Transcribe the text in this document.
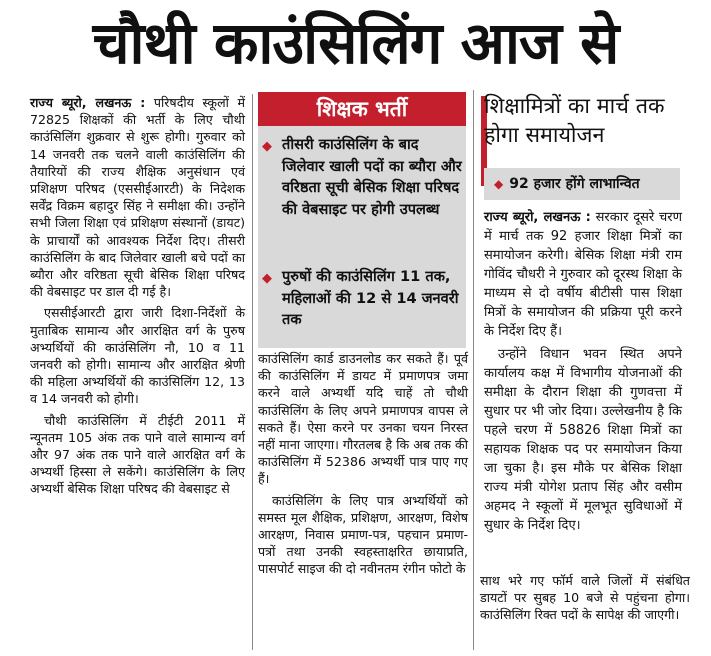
चौथी काउंसिलिंग आज से

राज्य ब्यूरो, लखनऊ : परिषदीय स्कूलों में 72825 शिक्षकों की भर्ती के लिए चौथी काउंसिलिंग शुक्रवार से शुरू होगी। गुरुवार को 14 जनवरी तक चलने वाली काउंसिलिंग की तैयारियों की राज्य शैक्षिक अनुसंधान एवं प्रशिक्षण परिषद (एससीईआरटी) के निदेशक सर्वेंद्र विक्रम बहादुर सिंह ने समीक्षा की। उन्होंने सभी जिला शिक्षा एवं प्रशिक्षण संस्थानों (डायट) के प्राचार्यों को आवश्यक निर्देश दिए। तीसरी काउंसिलिंग के बाद जिलेवार खाली बचे पदों का ब्यौरा और वरिष्ठता सूची बेसिक शिक्षा परिषद की वेबसाइट पर डाल दी गई है।

एससीईआरटी द्वारा जारी दिशा-निर्देशों के मुताबिक सामान्य और आरक्षित वर्ग के पुरुष अभ्यर्थियों की काउंसिलिंग नौ, 10 व 11 जनवरी को होगी। सामान्य और आरक्षित श्रेणी की महिला अभ्यर्थियों की काउंसिलिंग 12, 13 व 14 जनवरी को होगी।

चौथी काउंसिलिंग में टीईटी 2011 में न्यूनतम 105 अंक तक पाने वाले सामान्य वर्ग और 97 अंक तक पाने वाले आरक्षित वर्ग के अभ्यर्थी हिस्सा ले सकेंगे। काउंसिलिंग के लिए अभ्यर्थी बेसिक शिक्षा परिषद की वेबसाइट से

शिक्षक भर्ती
◆ तीसरी काउंसिलिंग के बाद जिलेवार खाली पदों का ब्यौरा और वरिष्ठता सूची बेसिक शिक्षा परिषद की वेबसाइट पर होगी उपलब्ध
◆ पुरुषों की काउंसिलिंग 11 तक, महिलाओं की 12 से 14 जनवरी तक

काउंसिलिंग कार्ड डाउनलोड कर सकते हैं। पूर्व की काउंसिलिंग में डायट में प्रमाणपत्र जमा करने वाले अभ्यर्थी यदि चाहें तो चौथी काउंसिलिंग के लिए अपने प्रमाणपत्र वापस ले सकते हैं। ऐसा करने पर उनका चयन निरस्त नहीं माना जाएगा। गौरतलब है कि अब तक की काउंसिलिंग में 52386 अभ्यर्थी पात्र पाए गए हैं।

काउंसिलिंग के लिए पात्र अभ्यर्थियों को समस्त मूल शैक्षिक, प्रशिक्षण, आरक्षण, विशेष आरक्षण, निवास प्रमाण-पत्र, पहचान प्रमाण-पत्रों तथा उनकी स्वहस्ताक्षरित छायाप्रति, पासपोर्ट साइज की दो नवीनतम रंगीन फोटो के

शिक्षामित्रों का मार्च तक होगा समायोजन
◆ 92 हजार होंगे लाभान्वित

राज्य ब्यूरो, लखनऊ : सरकार दूसरे चरण में मार्च तक 92 हजार शिक्षा मित्रों का समायोजन करेगी। बेसिक शिक्षा मंत्री राम गोविंद चौधरी ने गुरुवार को दूरस्थ शिक्षा के माध्यम से दो वर्षीय बीटीसी पास शिक्षा मित्रों के समायोजन की प्रक्रिया पूरी करने के निर्देश दिए हैं।

उन्होंने विधान भवन स्थित अपने कार्यालय कक्ष में विभागीय योजनाओं की समीक्षा के दौरान शिक्षा की गुणवत्ता में सुधार पर भी जोर दिया। उल्लेखनीय है कि पहले चरण में 58826 शिक्षा मित्रों का सहायक शिक्षक पद पर समायोजन किया जा चुका है। इस मौके पर बेसिक शिक्षा राज्य मंत्री योगेश प्रताप सिंह और वसीम अहमद ने स्कूलों में मूलभूत सुविधाओं में सुधार के निर्देश दिए।

साथ भरे गए फॉर्म वाले जिलों में संबंधित डायटों पर सुबह 10 बजे से पहुंचना होगा। काउंसिलिंग रिक्त पदों के सापेक्ष की जाएगी।
